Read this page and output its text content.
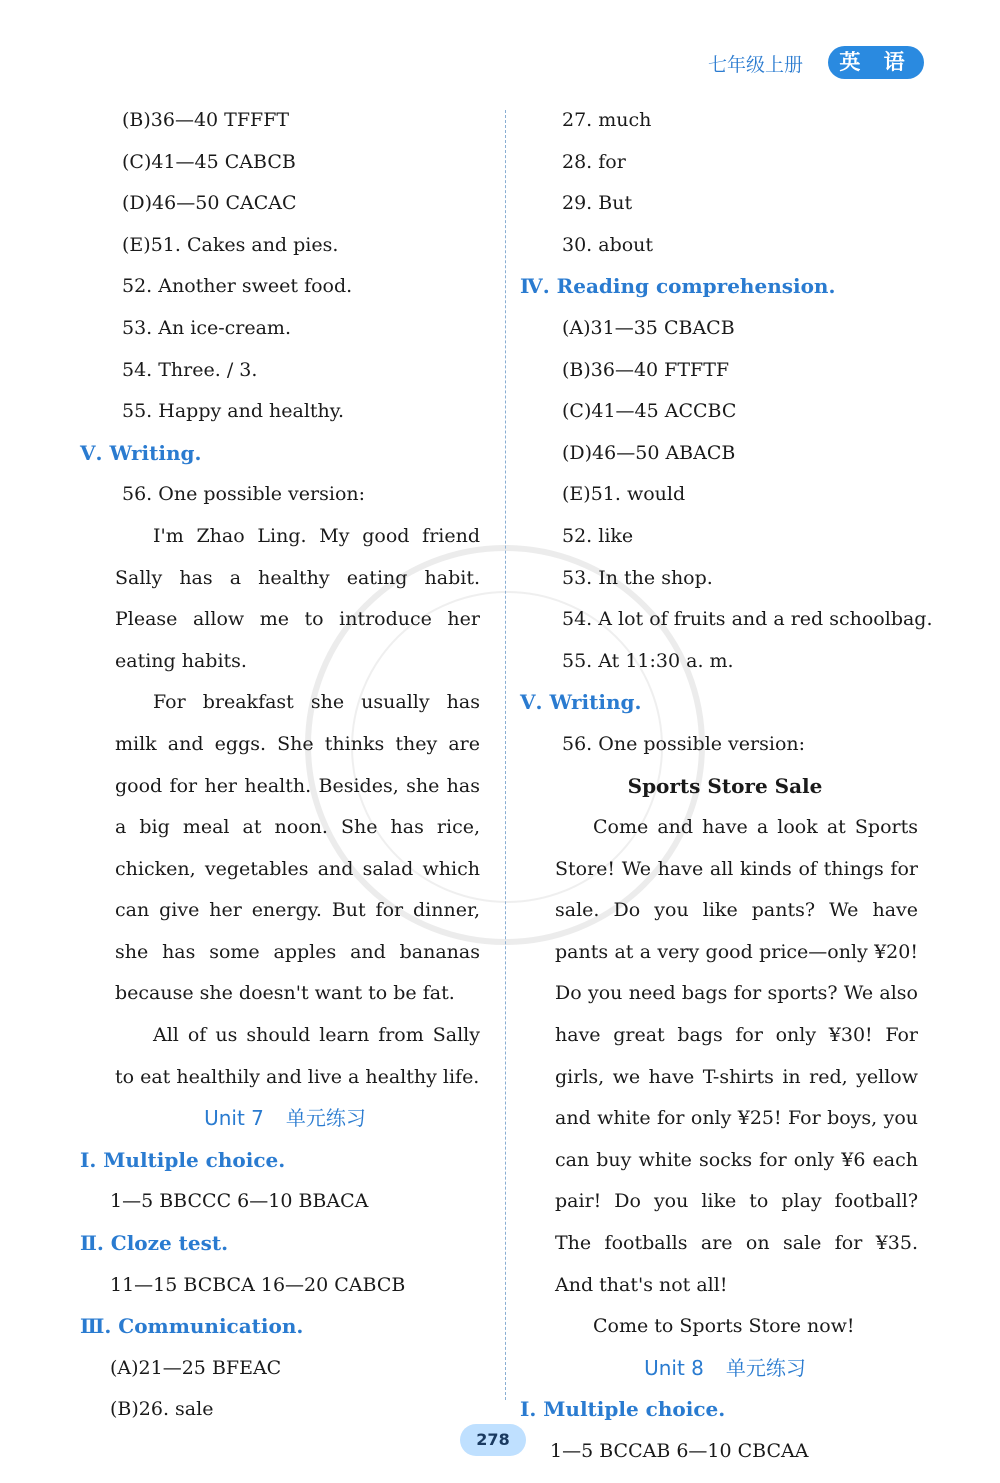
七年级上册	英 语
(B)36—40 TFFFT
(C)41—45 CABCB
(D)46—50 CACAC
(E)51. Cakes and pies.
52. Another sweet food.
53. An ice-cream.
54. Three. / 3.
55. Happy and healthy.
Ⅴ. Writing.
56. One possible version:

I'm Zhao Ling. My good friend Sally has a healthy eating habit. Please allow me to introduce her eating habits.

For breakfast she usually has milk and eggs. She thinks they are good for her health. Besides, she has a big meal at noon. She has rice, chicken, vegetables and salad which can give her energy. But for dinner, she has some apples and bananas because she doesn't want to be fat.

All of us should learn from Sally to eat healthily and live a healthy life.

Unit 7 单元练习
Ⅰ. Multiple choice.
1—5 BBCCC 6—10 BBACA
Ⅱ. Cloze test.
11—15 BCBCA 16—20 CABCB
Ⅲ. Communication.
(A)21—25 BFEAC
(B)26. sale
27. much
28. for
29. But
30. about
Ⅳ. Reading comprehension.
(A)31—35 CBACB
(B)36—40 FTFTF
(C)41—45 ACCBC
(D)46—50 ABACB
(E)51. would
52. like
53. In the shop.
54. A lot of fruits and a red schoolbag.
55. At 11:30 a. m.
Ⅴ. Writing.
56. One possible version:
Sports Store Sale

Come and have a look at Sports Store! We have all kinds of things for sale. Do you like pants? We have pants at a very good price—only ¥20! Do you need bags for sports? We also have great bags for only ¥30! For girls, we have T-shirts in red, yellow and white for only ¥25! For boys, you can buy white socks for only ¥6 each pair! Do you like to play football? The footballs are on sale for ¥35. And that's not all!

Come to Sports Store now!

Unit 8 单元练习
Ⅰ. Multiple choice.
1—5 BCCAB 6—10 CBCAA
278
